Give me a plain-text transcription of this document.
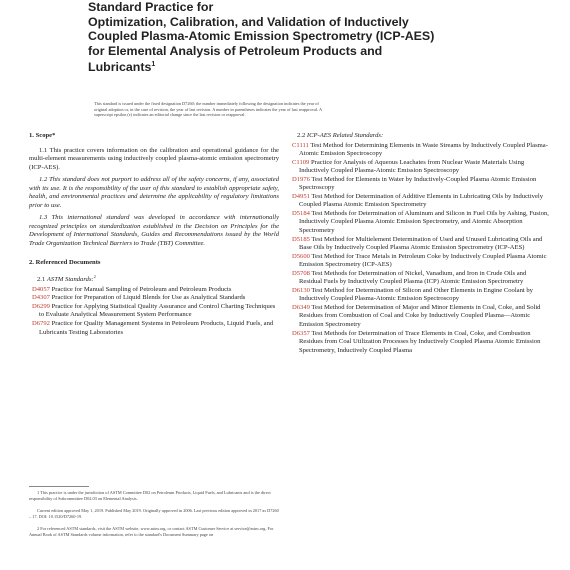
Standard Practice for
Optimization, Calibration, and Validation of Inductively
Coupled Plasma-Atomic Emission Spectrometry (ICP-AES)
for Elemental Analysis of Petroleum Products and
Lubricants$^1$
This standard is issued under the fixed designation D7260; the number immediately following the designation indicates the year of
original adoption or, in the case of revision, the year of last revision. A number in parentheses indicates the year of last reapproval. A
superscript epsilon (ε) indicates an editorial change since the last revision or reapproval.
1. Scope*
1.1 This practice covers information on the calibration and operational guidance for the multi-element measurements using inductively coupled plasma-atomic emission spectrometry (ICP-AES).
1.2 This standard does not purport to address all of the safety concerns, if any, associated with its use. It is the responsibility of the user of this standard to establish appropriate safety, health, and environmental practices and determine the applicability of regulatory limitations prior to use.
1.3 This international standard was developed in accordance with internationally recognized principles on standardization established in the Decision on Principles for the Development of International Standards, Guides and Recommendations issued by the World Trade Organization Technical Barriers to Trade (TBT) Committee.
2. Referenced Documents
2.1 ASTM Standards:$^2$
D4057 Practice for Manual Sampling of Petroleum and Petroleum Products
D4307 Practice for Preparation of Liquid Blends for Use as Analytical Standards
D6299 Practice for Applying Statistical Quality Assurance and Control Charting Techniques to Evaluate Analytical Measurement System Performance
D6792 Practice for Quality Management Systems in Petroleum Products, Liquid Fuels, and Lubricants Testing Laboratories
1 This practice is under the jurisdiction of ASTM Committee D02 on Petroleum Products, Liquid Fuels, and Lubricants and is the direct responsibility of Subcommittee D02.03 on Elemental Analysis.
Current edition approved May 1, 2019. Published May 2019. Originally approved in 2006. Last previous edition approved in 2017 as D7260 – 17. DOI: 10.1520/D7260-19.
2 For referenced ASTM standards, visit the ASTM website, www.astm.org, or contact ASTM Customer Service at service@astm.org. For Annual Book of ASTM Standards volume information, refer to the standard's Document Summary page on
2.2 ICP-AES Related Standards:
C1111 Test Method for Determining Elements in Waste Streams by Inductively Coupled Plasma-Atomic Emission Spectroscopy
C1109 Practice for Analysis of Aqueous Leachates from Nuclear Waste Materials Using Inductively Coupled Plasma-Atomic Emission Spectroscopy
D1976 Test Method for Elements in Water by Inductively-Coupled Plasma Atomic Emission Spectroscopy
D4951 Test Method for Determination of Additive Elements in Lubricating Oils by Inductively Coupled Plasma Atomic Emission Spectrometry
D5184 Test Methods for Determination of Aluminum and Silicon in Fuel Oils by Ashing, Fusion, Inductively Coupled Plasma Atomic Emission Spectrometry, and Atomic Absorption Spectrometry
D5185 Test Method for Multielement Determination of Used and Unused Lubricating Oils and Base Oils by Inductively Coupled Plasma Atomic Emission Spectrometry (ICP-AES)
D5600 Test Method for Trace Metals in Petroleum Coke by Inductively Coupled Plasma Atomic Emission Spectrometry (ICP-AES)
D5708 Test Methods for Determination of Nickel, Vanadium, and Iron in Crude Oils and Residual Fuels by Inductively Coupled Plasma (ICP) Atomic Emission Spectrometry
D6130 Test Method for Determination of Silicon and Other Elements in Engine Coolant by Inductively Coupled Plasma-Atomic Emission Spectroscopy
D6349 Test Method for Determination of Major and Minor Elements in Coal, Coke, and Solid Residues from Combustion of Coal and Coke by Inductively Coupled Plasma—Atomic Emission Spectrometry
D6357 Test Methods for Determination of Trace Elements in Coal, Coke, and Combustion Residues from Coal Utilization Processes by Inductively Coupled Plasma Atomic Emission Spectrometry, Inductively Coupled Plasma
